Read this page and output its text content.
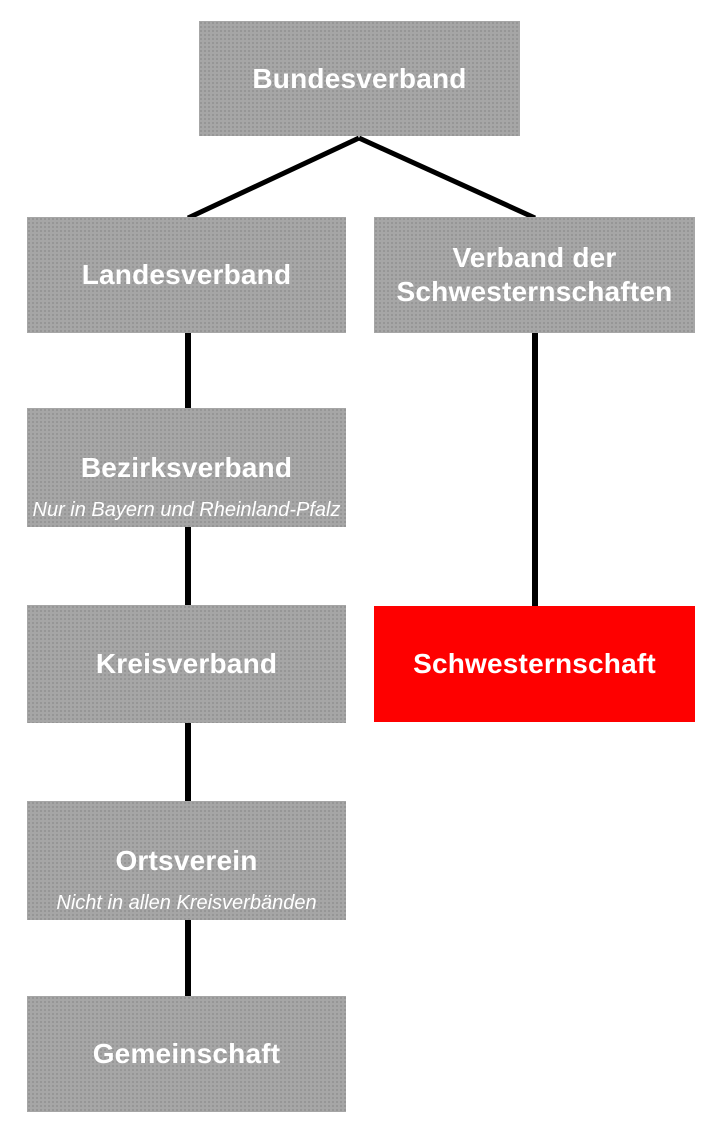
Bundesverband
Landesverband
Verband der Schwesternschaften
Bezirksverband
Nur in Bayern und Rheinland-Pfalz
Kreisverband	Schwesternschaft
Ortsverein
Nicht in allen Kreisverbänden
Gemeinschaft
